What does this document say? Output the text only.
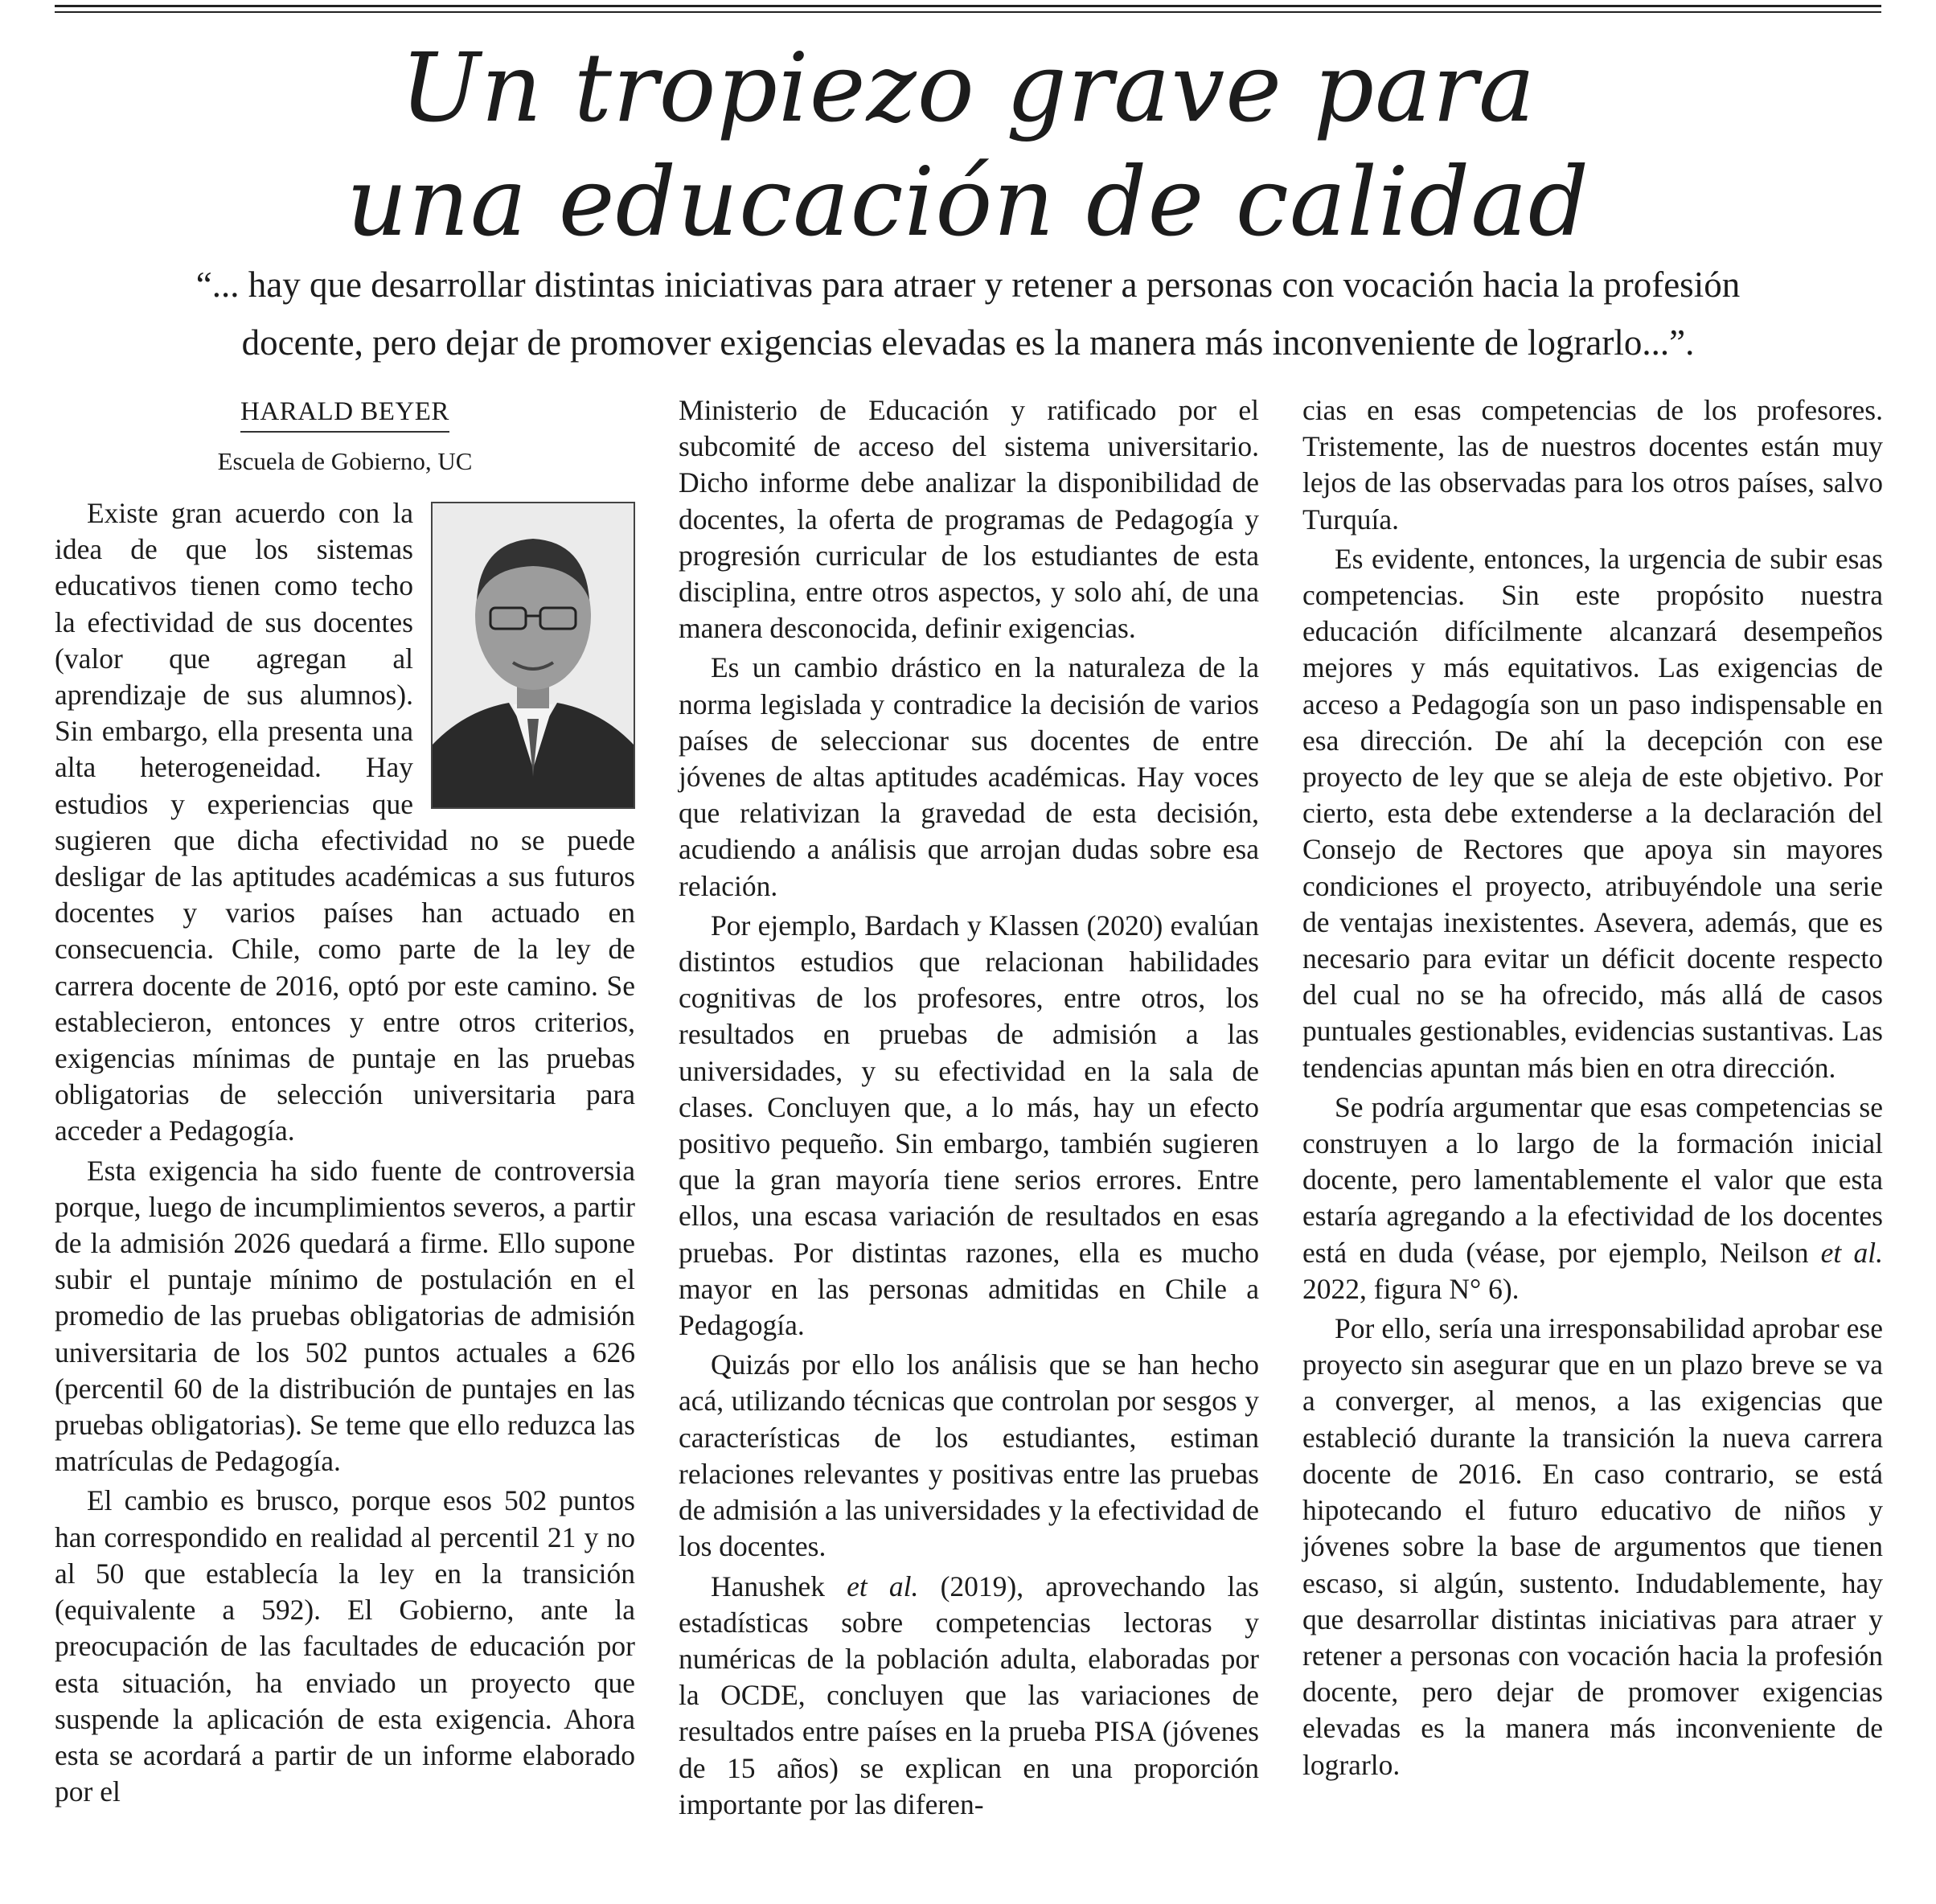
Un tropiezo grave para
una educación de calidad
“... hay que desarrollar distintas iniciativas para atraer y retener a personas con vocación hacia la profesión
docente, pero dejar de promover exigencias elevadas es la manera más inconveniente de lograrlo...”.
HARALD BEYER
Escuela de Gobierno, UC

Existe gran acuerdo con la idea de que los sistemas educativos tienen como techo la efectividad de sus docentes (valor que agregan al aprendizaje de sus alumnos). Sin embargo, ella presenta una alta heterogeneidad. Hay estudios y experiencias que sugieren que dicha efectividad no se puede desligar de las aptitudes académicas a sus futuros docentes y varios países han actuado en consecuencia. Chile, como parte de la ley de carrera docente de 2016, optó por este camino. Se establecieron, entonces y entre otros criterios, exigencias mínimas de puntaje en las pruebas obligatorias de selección universitaria para acceder a Pedagogía.

Esta exigencia ha sido fuente de controversia porque, luego de incumplimientos severos, a partir de la admisión 2026 quedará a firme. Ello supone subir el puntaje mínimo de postulación en el promedio de las pruebas obligatorias de admisión universitaria de los 502 puntos actuales a 626 (percentil 60 de la distribución de puntajes en las pruebas obligatorias). Se teme que ello reduzca las matrículas de Pedagogía.

El cambio es brusco, porque esos 502 puntos han correspondido en realidad al percentil 21 y no al 50 que establecía la ley en la transición (equivalente a 592). El Gobierno, ante la preocupación de las facultades de educación por esta situación, ha enviado un proyecto que suspende la aplicación de esta exigencia. Ahora esta se acordará a partir de un informe elaborado por el

Ministerio de Educación y ratificado por el subcomité de acceso del sistema universitario. Dicho informe debe analizar la disponibilidad de docentes, la oferta de programas de Pedagogía y progresión curricular de los estudiantes de esta disciplina, entre otros aspectos, y solo ahí, de una manera desconocida, definir exigencias.

Es un cambio drástico en la naturaleza de la norma legislada y contradice la decisión de varios países de seleccionar sus docentes de entre jóvenes de altas aptitudes académicas. Hay voces que relativizan la gravedad de esta decisión, acudiendo a análisis que arrojan dudas sobre esa relación.

Por ejemplo, Bardach y Klassen (2020) evalúan distintos estudios que relacionan habilidades cognitivas de los profesores, entre otros, los resultados en pruebas de admisión a las universidades, y su efectividad en la sala de clases. Concluyen que, a lo más, hay un efecto positivo pequeño. Sin embargo, también sugieren que la gran mayoría tiene serios errores. Entre ellos, una escasa variación de resultados en esas pruebas. Por distintas razones, ella es mucho mayor en las personas admitidas en Chile a Pedagogía.

Quizás por ello los análisis que se han hecho acá, utilizando técnicas que controlan por sesgos y características de los estudiantes, estiman relaciones relevantes y positivas entre las pruebas de admisión a las universidades y la efectividad de los docentes.

Hanushek et al. (2019), aprovechando las estadísticas sobre competencias lectoras y numéricas de la población adulta, elaboradas por la OCDE, concluyen que las variaciones de resultados entre países en la prueba PISA (jóvenes de 15 años) se explican en una proporción importante por las diferen-

cias en esas competencias de los profesores. Tristemente, las de nuestros docentes están muy lejos de las observadas para los otros países, salvo Turquía.

Es evidente, entonces, la urgencia de subir esas competencias. Sin este propósito nuestra educación difícilmente alcanzará desempeños mejores y más equitativos. Las exigencias de acceso a Pedagogía son un paso indispensable en esa dirección. De ahí la decepción con ese proyecto de ley que se aleja de este objetivo. Por cierto, esta debe extenderse a la declaración del Consejo de Rectores que apoya sin mayores condiciones el proyecto, atribuyéndole una serie de ventajas inexistentes. Asevera, además, que es necesario para evitar un déficit docente respecto del cual no se ha ofrecido, más allá de casos puntuales gestionables, evidencias sustantivas. Las tendencias apuntan más bien en otra dirección.

Se podría argumentar que esas competencias se construyen a lo largo de la formación inicial docente, pero lamentablemente el valor que esta estaría agregando a la efectividad de los docentes está en duda (véase, por ejemplo, Neilson et al. 2022, figura N° 6).

Por ello, sería una irresponsabilidad aprobar ese proyecto sin asegurar que en un plazo breve se va a converger, al menos, a las exigencias que estableció durante la transición la nueva carrera docente de 2016. En caso contrario, se está hipotecando el futuro educativo de niños y jóvenes sobre la base de argumentos que tienen escaso, si algún, sustento. Indudablemente, hay que desarrollar distintas iniciativas para atraer y retener a personas con vocación hacia la profesión docente, pero dejar de promover exigencias elevadas es la manera más inconveniente de lograrlo.
